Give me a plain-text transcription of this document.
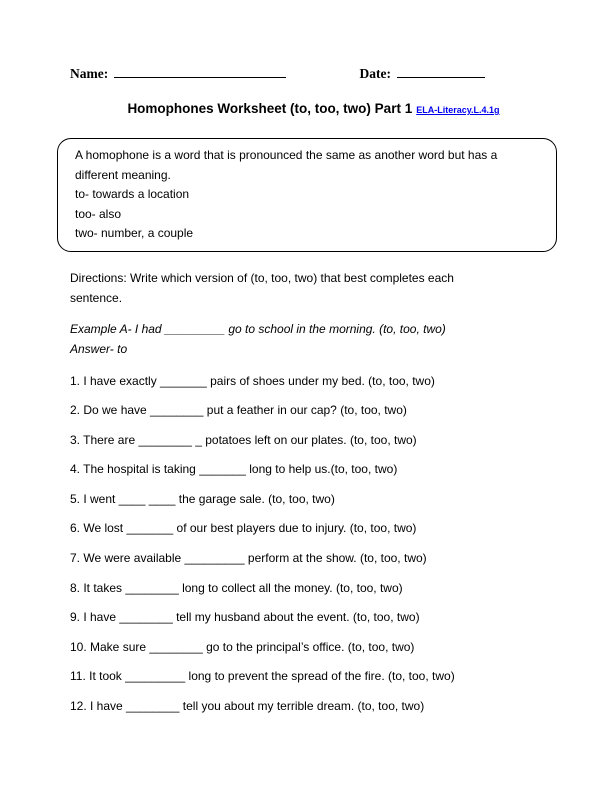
Name:	Date:
Homophones Worksheet (to, too, two) Part 1 ELA-Literacy.L.4.1g
A homophone is a word that is pronounced the same as another word but has a
different meaning.
to- towards a location
too- also
two- number, a couple
Directions: Write which version of (to, too, two) that best completes each
sentence.
Example A- I had _________ go to school in the morning. (to, too, two)
Answer- to
1. I have exactly _______ pairs of shoes under my bed. (to, too, two)
2. Do we have ________ put a feather in our cap? (to, too, two)
3. There are ________ _ potatoes left on our plates. (to, too, two)
4. The hospital is taking _______ long to help us.(to, too, two)
5. I went ____ ____ the garage sale. (to, too, two)
6. We lost _______ of our best players due to injury. (to, too, two)
7. We were available _________ perform at the show. (to, too, two)
8. It takes ________ long to collect all the money. (to, too, two)
9. I have ________ tell my husband about the event. (to, too, two)
10. Make sure ________ go to the principal’s office. (to, too, two)
11. It took _________ long to prevent the spread of the fire. (to, too, two)
12. I have ________ tell you about my terrible dream. (to, too, two)
